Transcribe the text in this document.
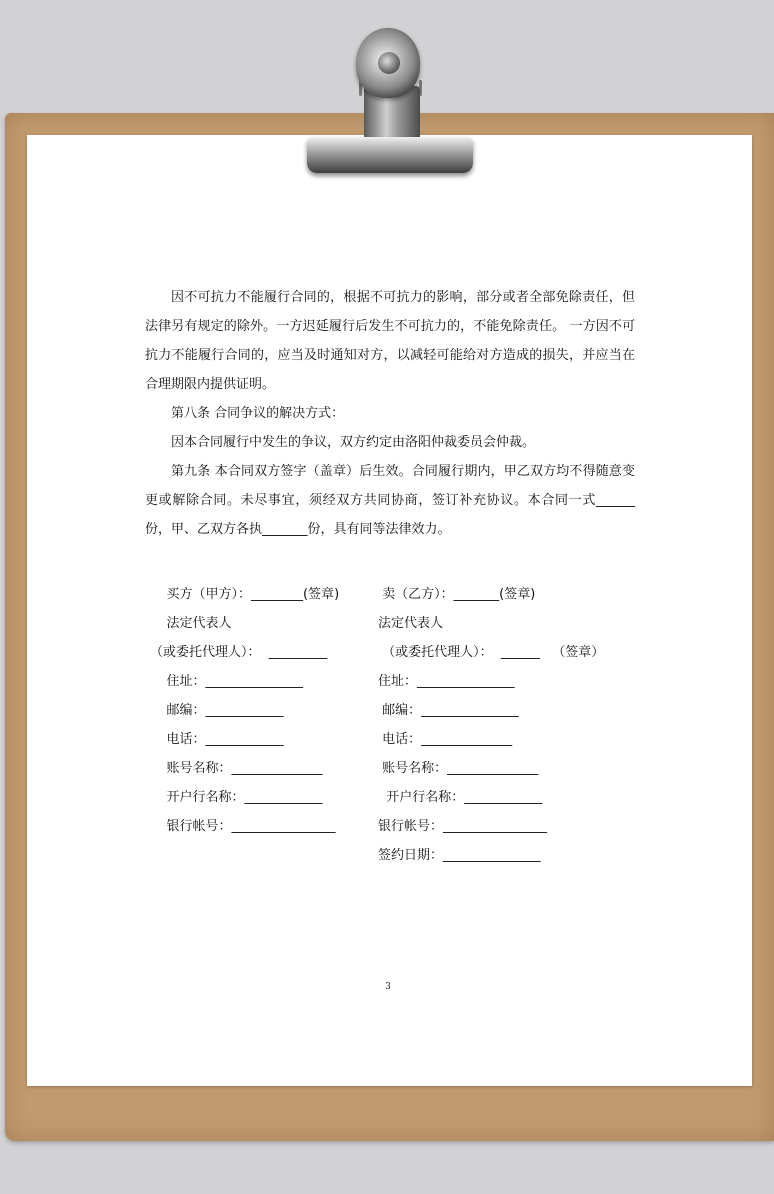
因不可抗力不能履行合同的，根据不可抗力的影响，部分或者全部免除责任，但法律另有规定的除外。一方迟延履行后发生不可抗力的，不能免除责任。 一方因不可抗力不能履行合同的，应当及时通知对方，以减轻可能给对方造成的损失，并应当在合理期限内提供证明。

第八条 合同争议的解决方式：

因本合同履行中发生的争议，双方约定由洛阳仲裁委员会仲裁。

第九条 本合同双方签字（盖章）后生效。合同履行期内，甲乙双方均不得随意变更或解除合同。未尽事宜，须经双方共同协商，签订补充协议。本合同一式______份，甲、乙双方各执_______份，具有同等法律效力。

买方（甲方）：________(签章)
法定代表人
（或委托代理人）：  _________
住址：_______________
邮编：____________
电话：____________
账号名称：______________
开户行名称：____________
银行帐号：________________
卖（乙方）：_______(签章)
法定代表人
（或委托代理人）：  ______   （签章）
住址：_______________
邮编：_______________
电话：______________
账号名称：______________
开户行名称：____________
银行帐号：________________
签约日期：_______________
3
